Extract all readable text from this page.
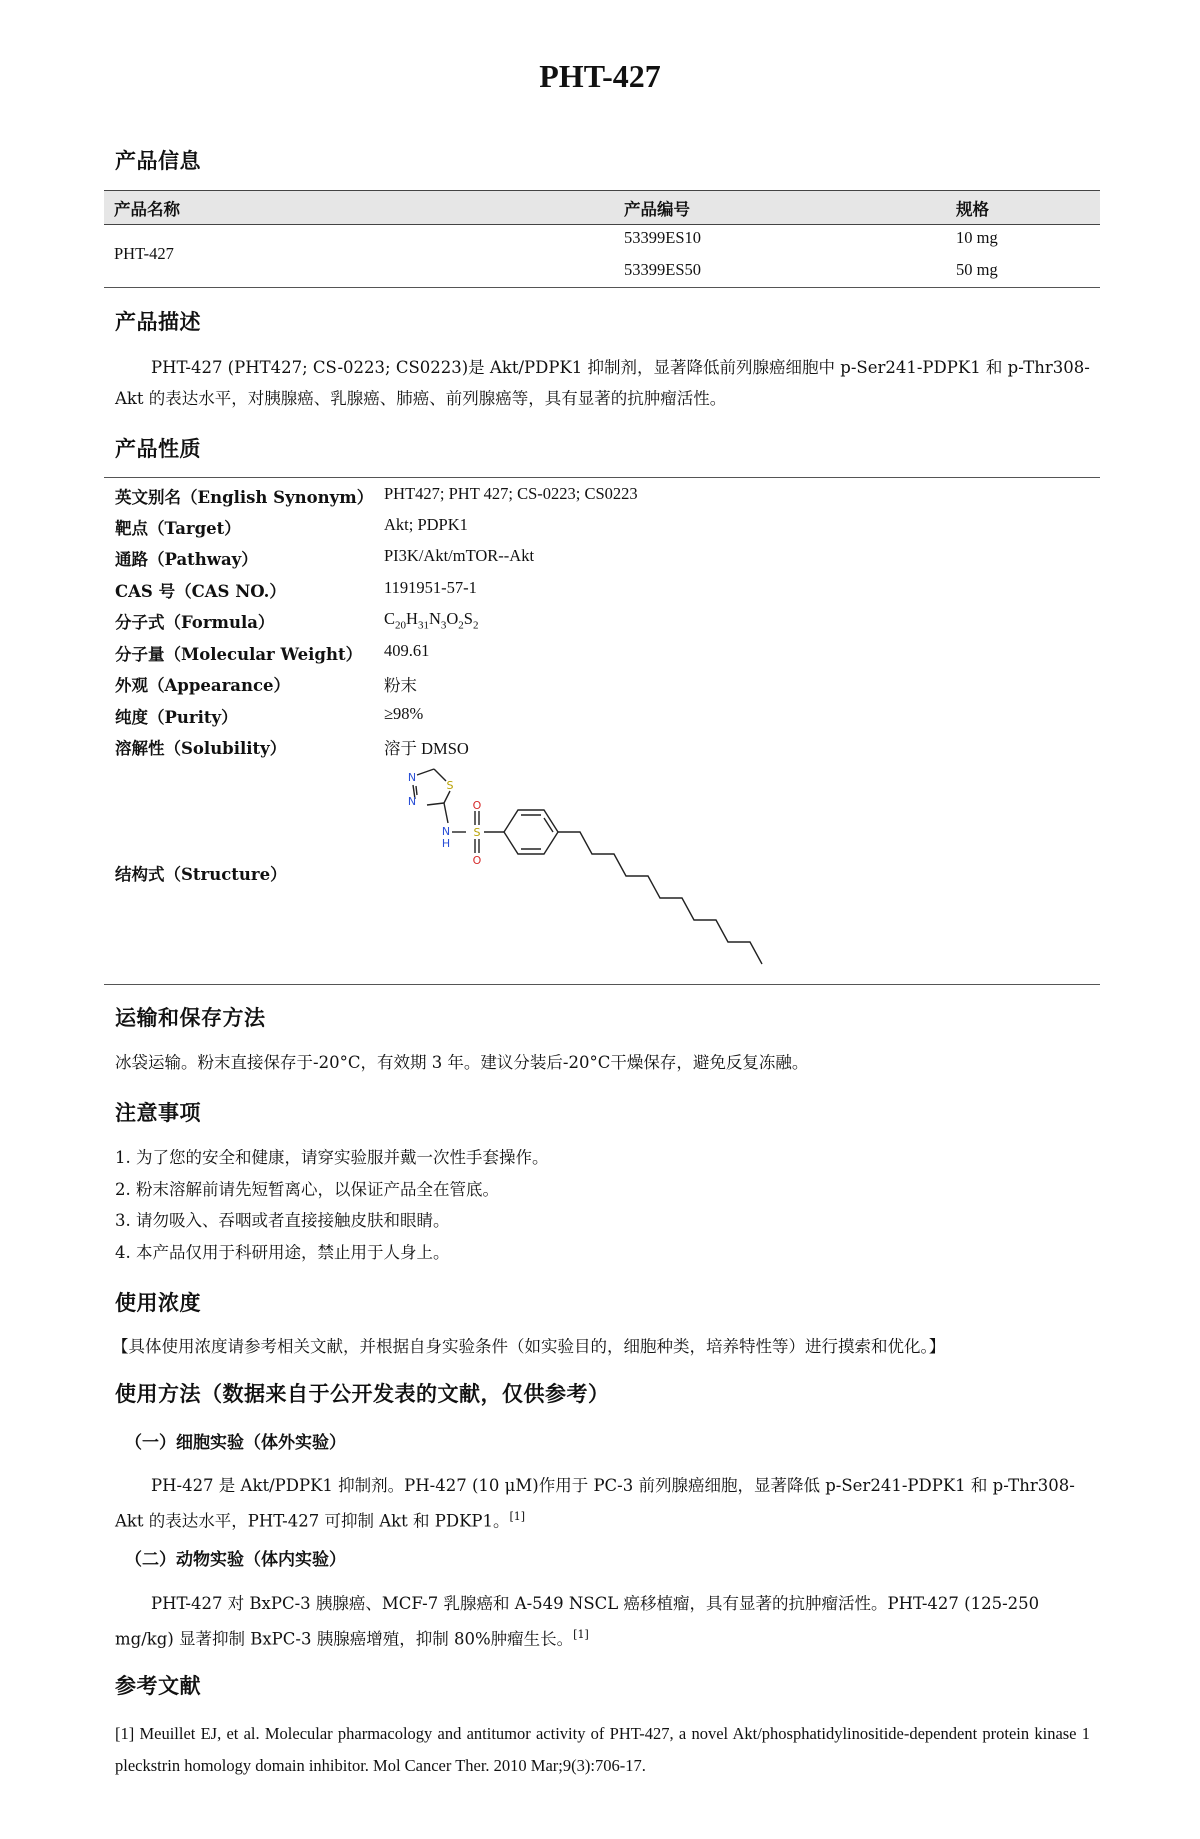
PHT-427
产品信息
产品名称	产品编号	规格
PHT-427
53399ES10	10 mg
53399ES50	50 mg
产品描述
PHT-427 (PHT427; CS-0223; CS0223)是 Akt/PDPK1 抑制剂，显著降低前列腺癌细胞中 p-Ser241-PDPK1 和 p-Thr308-Akt 的表达水平，对胰腺癌、乳腺癌、肺癌、前列腺癌等，具有显著的抗肿瘤活性。
产品性质
英文别名（English Synonym） PHT427; PHT 427; CS-0223; CS0223
靶点（Target）	Akt; PDPK1
通路（Pathway）	PI3K/Akt/mTOR--Akt
CAS 号（CAS NO.）	1191951-57-1
分子式（Formula）	$C_{20}H_{31}N_3O_2S_2$
分子量（Molecular Weight） 409.61
外观（Appearance）	粉末
纯度（Purity）	≥98%
溶解性（Solubility）	溶于 DMSO
结构式（Structure）
N
N
S
N
H
S
O
O
运输和保存方法
冰袋运输。粉末直接保存于-20°C，有效期 3 年。建议分装后-20°C干燥保存，避免反复冻融。
注意事项
1. 为了您的安全和健康，请穿实验服并戴一次性手套操作。
2. 粉末溶解前请先短暂离心，以保证产品全在管底。
3. 请勿吸入、吞咽或者直接接触皮肤和眼睛。
4. 本产品仅用于科研用途，禁止用于人身上。
使用浓度
【具体使用浓度请参考相关文献，并根据自身实验条件（如实验目的，细胞种类，培养特性等）进行摸索和优化。】
使用方法（数据来自于公开发表的文献，仅供参考）
（一）细胞实验（体外实验）
PH-427 是 Akt/PDPK1 抑制剂。PH-427 (10 μM)作用于 PC-3 前列腺癌细胞，显著降低 p-Ser241-PDPK1 和 p-Thr308-Akt 的表达水平，PHT-427 可抑制 Akt 和 PDKP1。[1]
（二）动物实验（体内实验）
PHT-427 对 BxPC-3 胰腺癌、MCF-7 乳腺癌和 A-549 NSCL 癌移植瘤，具有显著的抗肿瘤活性。PHT-427 (125-250 mg/kg) 显著抑制 BxPC-3 胰腺癌增殖，抑制 80%肿瘤生长。[1]
参考文献
[1] Meuillet EJ, et al. Molecular pharmacology and antitumor activity of PHT-427, a novel Akt/phosphatidylinositide-dependent protein kinase 1 pleckstrin homology domain inhibitor. Mol Cancer Ther. 2010 Mar;9(3):706-17.
